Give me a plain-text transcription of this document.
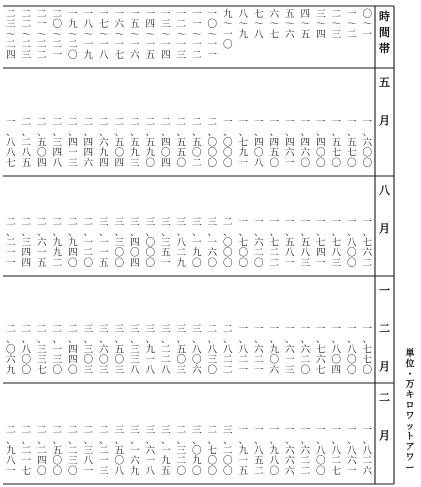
時間帯
五月
八月
一二月
二月
〇〜一
一〜二
二〜三
三〜四
四〜五
五〜六
六〜七
七〜八
八〜九
九〜一〇
一〇〜一一
一一〜一二
一二〜一三
一三〜一四
一四〜一五
一五〜一六
一六〜一七
一七〜一八
一八〜一九
一九〜二〇
二〇〜二一
二一〜二二
二二〜二三
二三〜二四
一、六〇〇
一、五七〇
一、五七〇
一、四〇〇
一、四六〇
一、四六一
一、四五〇
一、四〇八
一、七九一
一、〇〇〇
二、〇〇〇
二、五〇二
二、五五〇
二、四〇四
二、五九〇
二、五九三
二、五〇四
二、六九四
二、四四六
二、四一三
二、三四八
二、五〇四
二、二八五
一、八八七
一、七六二
一、八〇〇
一、七八三
一、七四一
一、五八三
一、五八一
一、七二二
一、六二〇
一、七〇〇
二、〇〇〇
三、一六〇
三、一九〇
三、八二九
三、三五一
三、〇〇〇
三、四〇四
三、三〇〇
三、一一五
二、一二〇
二、九四〇
二、九九二
二、六一五
二、三四四
二、二一一
一、七七〇
一、八〇〇
一、八〇四
一、七六七
一、六二〇
一、六一三
一、九〇六
一、六二一
一、八二一
二、八二二
二、八三〇
三、八〇六
三、五〇三
三、二二八
三、九一八
三、三三八
三、五〇三
三、六〇三
三、三〇三
二、四四〇
二、一三〇
二、三三七
二、八〇〇
二、〇六九
一、八二六
一、八六一
一、八二七
一、八〇〇
一、六二二
一、六六六
一、九八〇
一、八五二
一、九一五
三、二〇〇
二、七〇〇
三、〇九〇
二、三二〇
三、一九五
三、六一八
三、一六九
三、五〇八
二、二一三
二、三八一
二、二三〇
二、五〇〇
二、二四〇
二、二一七
二、九八一
単位・万キロワットアワー
